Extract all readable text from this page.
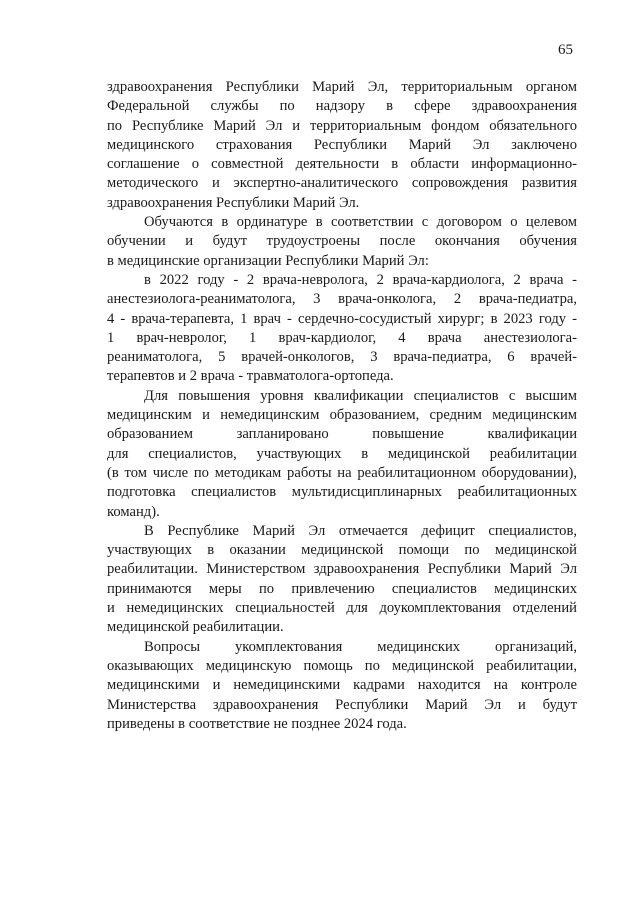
65
здравоохранения Республики Марий Эл, территориальным органом
Федеральной службы по надзору в сфере здравоохранения
по Республике Марий Эл и территориальным фондом обязательного
медицинского страхования Республики Марий Эл заключено
соглашение о совместной деятельности в области информационно-
методического и экспертно-аналитического сопровождения развития
здравоохранения Республики Марий Эл.
Обучаются в ординатуре в соответствии с договором о целевом
обучении и будут трудоустроены после окончания обучения
в медицинские организации Республики Марий Эл:
в 2022 году - 2 врача-невролога, 2 врача-кардиолога, 2 врача -
анестезиолога-реаниматолога, 3 врача-онколога, 2 врача-педиатра,
4 - врача-терапевта, 1 врач - сердечно-сосудистый хирург; в 2023 году -
1 врач-невролог, 1 врач-кардиолог, 4 врача анестезиолога-
реаниматолога, 5 врачей-онкологов, 3 врача-педиатра, 6 врачей-
терапевтов и 2 врача - травматолога-ортопеда.
Для повышения уровня квалификации специалистов с высшим
медицинским и немедицинским образованием, средним медицинским
образованием запланировано повышение квалификации
для специалистов, участвующих в медицинской реабилитации
(в том числе по методикам работы на реабилитационном оборудовании),
подготовка специалистов мультидисциплинарных реабилитационных
команд).
В Республике Марий Эл отмечается дефицит специалистов,
участвующих в оказании медицинской помощи по медицинской
реабилитации. Министерством здравоохранения Республики Марий Эл
принимаются меры по привлечению специалистов медицинских
и немедицинских специальностей для доукомплектования отделений
медицинской реабилитации.
Вопросы укомплектования медицинских организаций,
оказывающих медицинскую помощь по медицинской реабилитации,
медицинскими и немедицинскими кадрами находится на контроле
Министерства здравоохранения Республики Марий Эл и будут
приведены в соответствие не позднее 2024 года.
